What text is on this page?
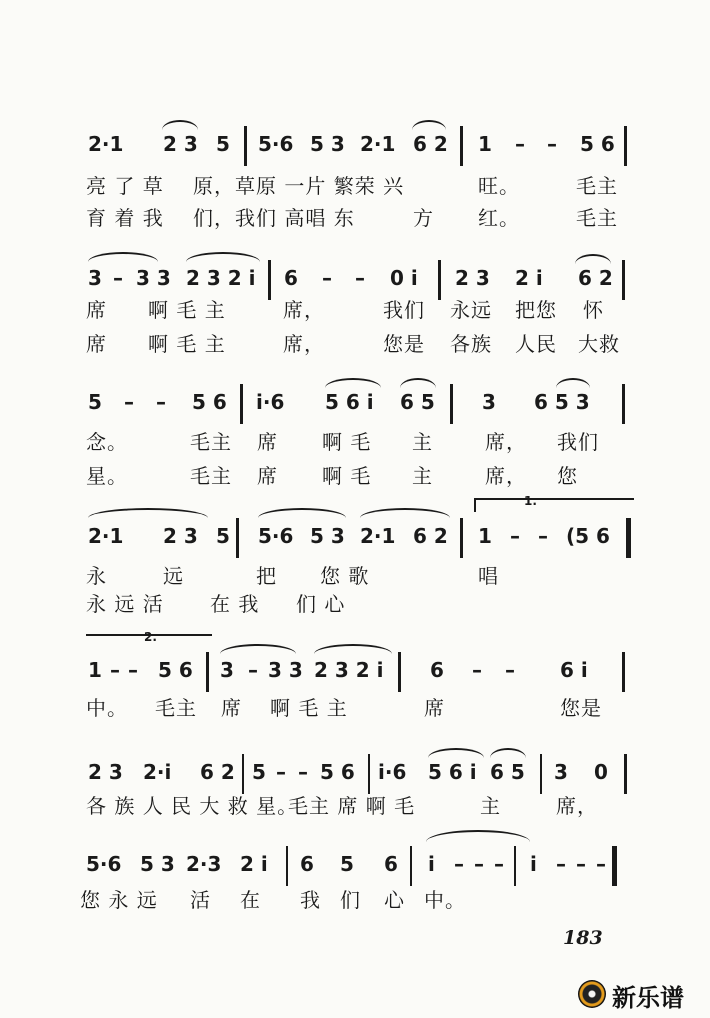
2·1 2 3 5 5·6 5 3 2·1 6 2 1 – – 5 6
亮 了 草 原，草原 一片 繁荣 兴	旺。	毛主
育 着 我 们，我们 高唱 东	方 红。	毛主
3 – 3 3 2 3 2 i 6 – – 0 i 2 3 2 i 6 2
席 啊 毛 主	席，	我们 永远 把您 怀
席 啊 毛 主	席，	您是 各族 人民 大救
5 – – 5 6 i·6 5 6 i 6 5 3 6 5 3
念。	毛主 席 啊 毛 主	席， 我们
星。	毛主 席 啊 毛 主	席， 您
1.
2·1 2 3 5 5·6 5 3 2·1 6 2 1 – – (5 6
永	远	把 您 歌	唱
永 远 活 在 我 们 心
2.
1 – – 5 6 3 – 3 3 2 3 2 i 6 – – 6 i
中。 毛主 席 啊 毛 主	席	您是
2 3 2·i 6 2 5 – – 5 6 i·6 5 6 i 6 5 3 0
各 族 人 民 大 救 星。
毛主 席 啊 毛	主	席，
5·6 5 3 2·3 2 i 6 5 6 i – – – i – – –
您 永 远 活 在 我 们 心 中。
183
新乐谱
